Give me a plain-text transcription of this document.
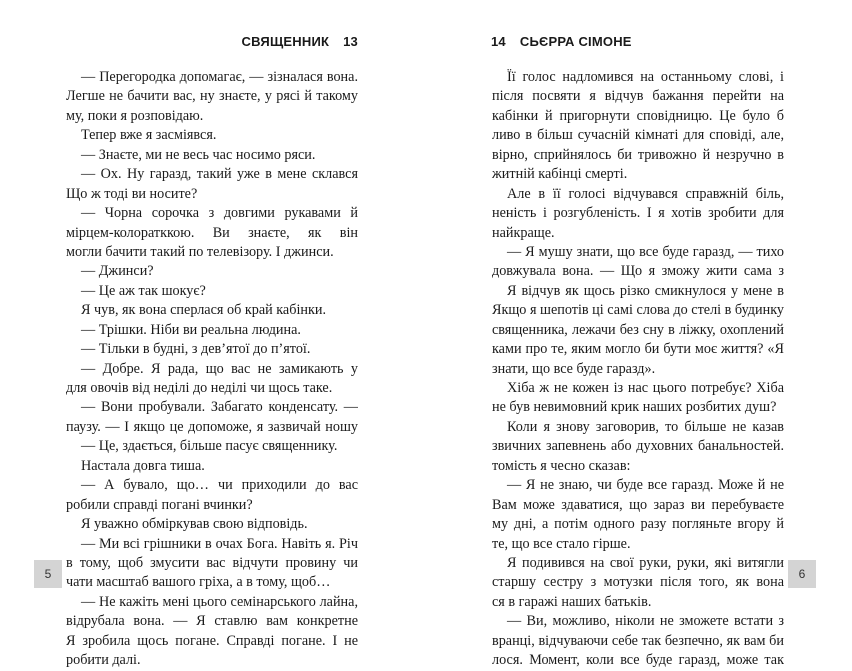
СВЯЩЕННИК 13
— Перегородка допомагає, — зізналася вона.
Легше не бачити вас, ну знаєте, у рясі й такому
му, поки я розповідаю.
Тепер вже я засміявся.
— Знаєте, ми не весь час носимо ряси.
— Ох. Ну гаразд, такий уже в мене склався
Що ж тоді ви носите?
— Чорна сорочка з довгими рукавами й
мірцем-колоратккою. Ви знаєте, як він
могли бачити такий по телевізору. І джинси.
— Джинси?
— Це аж так шокує?
Я чув, як вона сперлася об край кабінки.
— Трішки. Ніби ви реальна людина.
— Тільки в будні, з дев’ятої до п’ятої.
— Добре. Я рада, що вас не замикають у
для овочів від неділі до неділі чи щось таке.
— Вони пробували. Забагато конденсату. —
паузу. — І якщо це допоможе, я зазвичай ношу
— Це, здається, більше пасує священнику.
Настала довга тиша.
— А бувало, що… чи приходили до вас
робили справді погані вчинки?
Я уважно обміркував свою відповідь.
— Ми всі грішники в очах Бога. Навіть я. Річ
в тому, щоб змусити вас відчути провину чи
чати масштаб вашого гріха, а в тому, щоб…
— Не кажіть мені цього семінарського лайна,
відрубала вона. — Я ставлю вам конкретне
Я зробила щось погане. Справді погане. І не
робити далі.
5
14 СЬЄРРА СІМОНЕ
Її голос надломився на останньому слові, і
після посвяти я відчув бажання перейти на
кабінки й пригорнути сповідницю. Це було б
ливо в більш сучасній кімнаті для сповіді, але,
вірно, сприйнялось би тривожно й незручно в
житній кабінці смерті.
Але в її голосі відчувався справжній біль,
неність і розгубленість. І я хотів зробити для
найкраще.
— Я мушу знати, що все буде гаразд, — тихо
довжувала вона. — Що я зможу жити сама з
Я відчув як щось різко смикнулося у мене в
Якщо я шепотів ці самі слова до стелі в будинку
священника, лежачи без сну в ліжку, охоплений
ками про те, яким могло би бути моє життя? «Я
знати, що все буде гаразд».
Хіба ж не кожен із нас цього потребує? Хіба
не був невимовний крик наших розбитих душ?
Коли я знову заговорив, то більше не казав
звичних запевнень або духовних банальностей.
томість я чесно сказав:
— Я не знаю, чи буде все гаразд. Може й не
Вам може здаватися, що зараз ви перебуваєте
му дні, а потім одного разу погляньте вгору й
те, що все стало гірше.
Я подивився на свої руки, руки, які витягли
старшу сестру з мотузки після того, як вона
ся в гаражі наших батьків.
— Ви, можливо, ніколи не зможете встати з
вранці, відчуваючи себе так безпечно, як вам би
лося. Момент, коли все буде гаразд, може так
6
